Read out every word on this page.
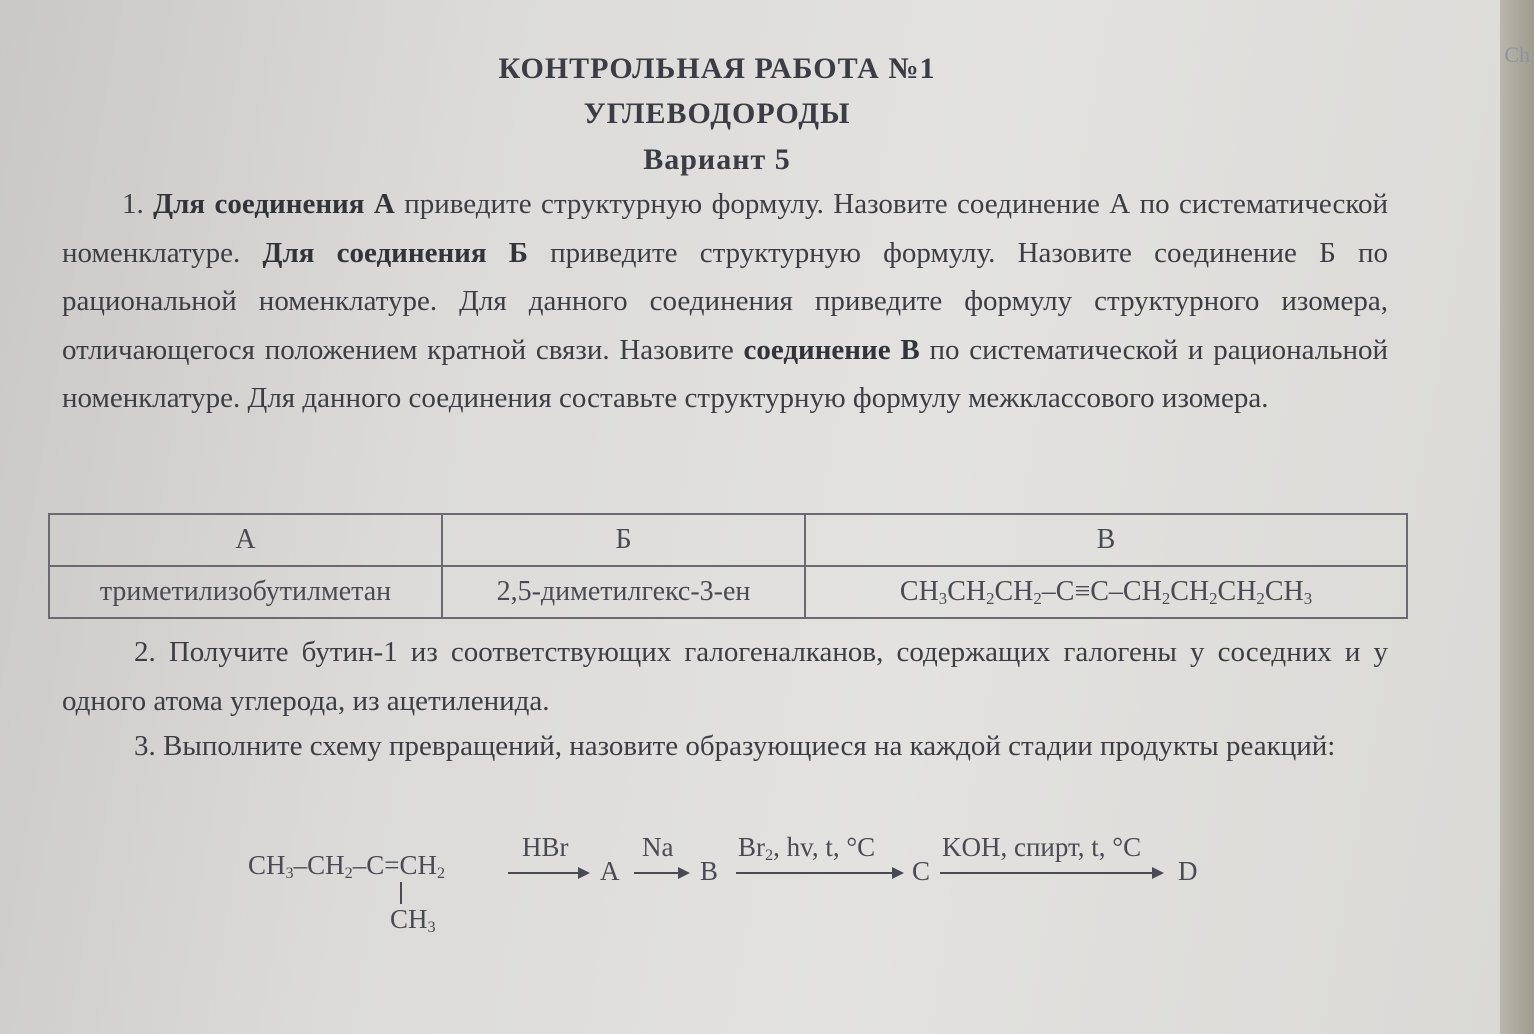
Ch
КОНТРОЛЬНАЯ РАБОТА №1
УГЛЕВОДОРОДЫ
Вариант 5
1. Для соединения А приведите структурную формулу. Назовите соединение А по систематической номенклатуре. Для соединения Б приведите структурную формулу. Назовите соединение Б по рациональной номенклатуре. Для данного соединения приведите формулу структурного изомера, отличающегося положением кратной связи. Назовите соединение В по систематической и рациональной номенклатуре. Для данного соединения составьте структурную формулу межклассового изомера.
А	Б	В
триметилизобутилметан	2,5-диметилгекс-3-ен	$CH_3CH_2CH_2-C\equiv C-CH_2CH_2CH_2CH_3$
2. Получите бутин-1 из соответствующих галогеналканов, содержащих галогены у соседних и у одного атома углерода, из ацетиленида.
3. Выполните схему превращений, назовите образующиеся на каждой стадии продукты реакций:
$CH_3-CH_2-C=CH_2$
$CH_3$
HBr
A
Na
B
$Br_2$, hv, t, °C
C
KOH, спирт, t, °C
D
